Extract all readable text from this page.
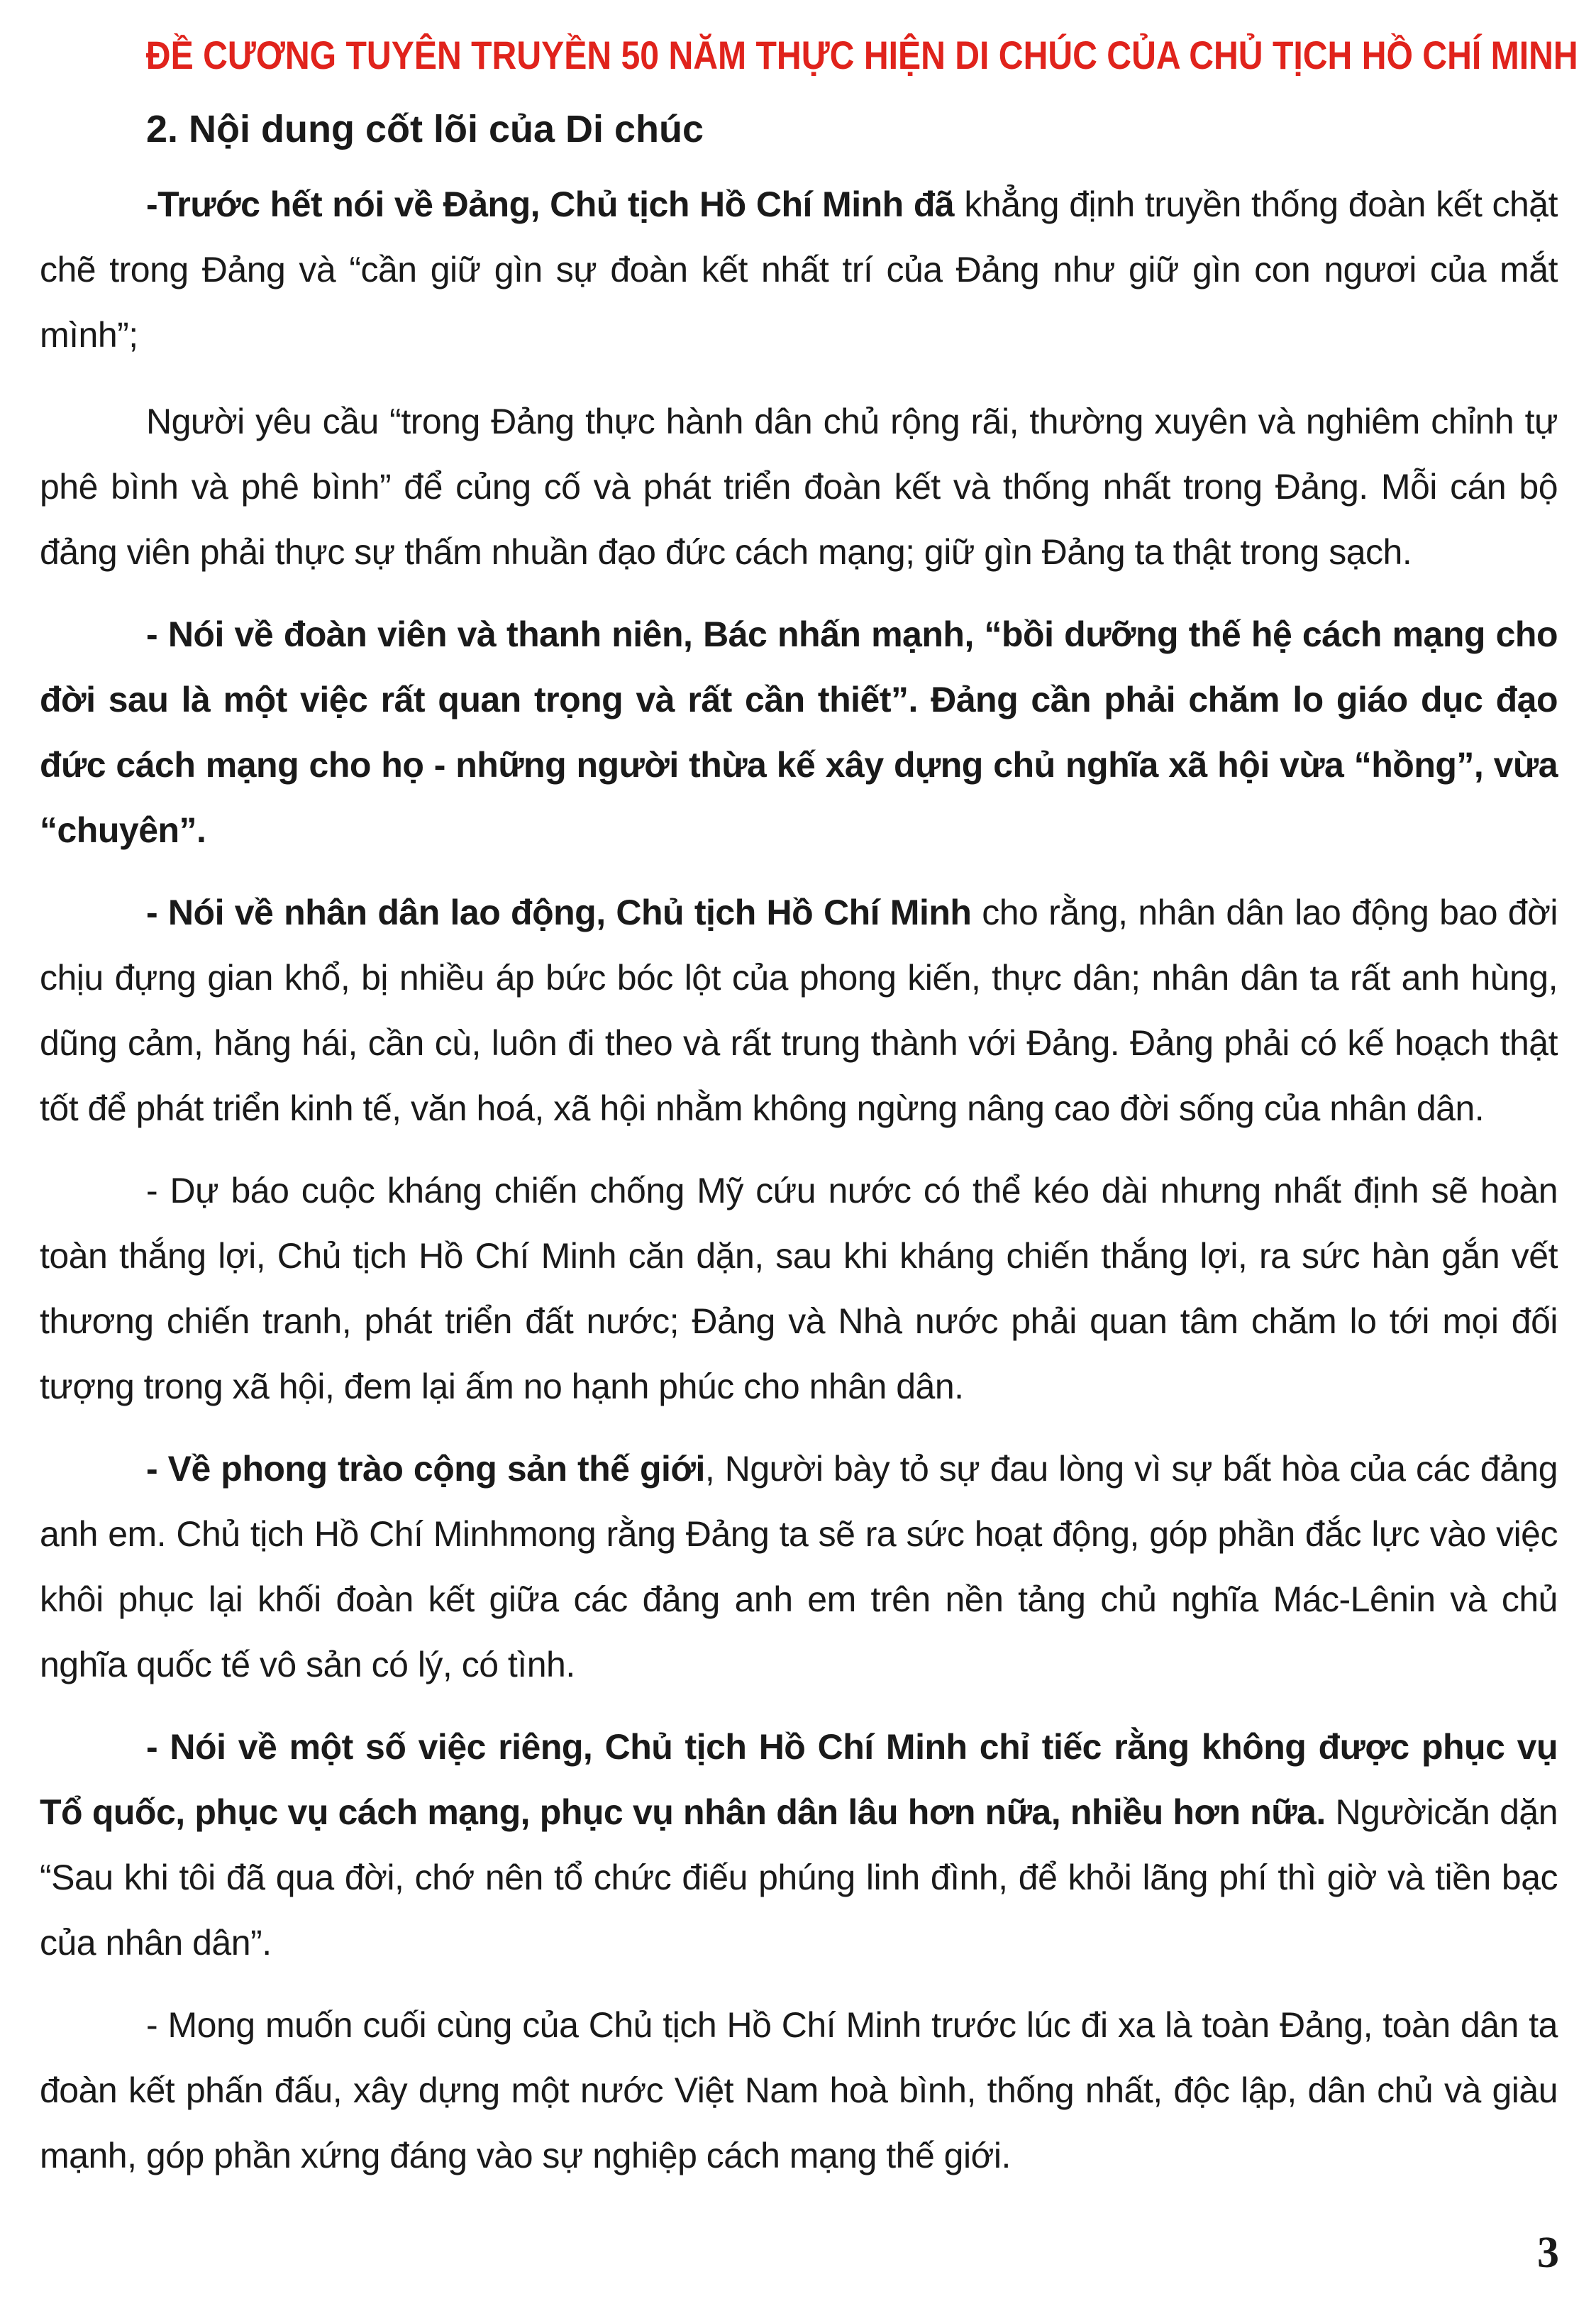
ĐỀ CƯƠNG TUYÊN TRUYỀN 50 NĂM THỰC HIỆN DI CHÚC CỦA CHỦ TỊCH HỒ CHÍ MINH
2. Nội dung cốt lõi của Di chúc

-Trước hết nói về Đảng, Chủ tịch Hồ Chí Minh đã khẳng định truyền thống đoàn kết chặt chẽ trong Đảng và “cần giữ gìn sự đoàn kết nhất trí của Đảng như giữ gìn con ngươi của mắt mình”;

Người yêu cầu “trong Đảng thực hành dân chủ rộng rãi, thường xuyên và nghiêm chỉnh tự phê bình và phê bình” để củng cố và phát triển đoàn kết và thống nhất trong Đảng. Mỗi cán bộ đảng viên phải thực sự thấm nhuần đạo đức cách mạng; giữ gìn Đảng ta thật trong sạch.

- Nói về đoàn viên và thanh niên, Bác nhấn mạnh, “bồi dưỡng thế hệ cách mạng cho đời sau là một việc rất quan trọng và rất cần thiết”. Đảng cần phải chăm lo giáo dục đạo đức cách mạng cho họ - những người thừa kế xây dựng chủ nghĩa xã hội vừa “hồng”, vừa “chuyên”.

- Nói về nhân dân lao động, Chủ tịch Hồ Chí Minh cho rằng, nhân dân lao động bao đời chịu đựng gian khổ, bị nhiều áp bức bóc lột của phong kiến, thực dân; nhân dân ta rất anh hùng, dũng cảm, hăng hái, cần cù, luôn đi theo và rất trung thành với Đảng. Đảng phải có kế hoạch thật tốt để phát triển kinh tế, văn hoá, xã hội nhằm không ngừng nâng cao đời sống của nhân dân.

- Dự báo cuộc kháng chiến chống Mỹ cứu nước có thể kéo dài nhưng nhất định sẽ hoàn toàn thắng lợi, Chủ tịch Hồ Chí Minh căn dặn, sau khi kháng chiến thắng lợi, ra sức hàn gắn vết thương chiến tranh, phát triển đất nước; Đảng và Nhà nước phải quan tâm chăm lo tới mọi đối tượng trong xã hội, đem lại ấm no hạnh phúc cho nhân dân.

- Về phong trào cộng sản thế giới, Người bày tỏ sự đau lòng vì sự bất hòa của các đảng anh em. Chủ tịch Hồ Chí Minhmong rằng Đảng ta sẽ ra sức hoạt động, góp phần đắc lực vào việc khôi phục lại khối đoàn kết giữa các đảng anh em trên nền tảng chủ nghĩa Mác-Lênin và chủ nghĩa quốc tế vô sản có lý, có tình.

- Nói về một số việc riêng, Chủ tịch Hồ Chí Minh chỉ tiếc rằng không được phục vụ Tổ quốc, phục vụ cách mạng, phục vụ nhân dân lâu hơn nữa, nhiều hơn nữa. Ngườicăn dặn “Sau khi tôi đã qua đời, chớ nên tổ chức điếu phúng linh đình, để khỏi lãng phí thì giờ và tiền bạc của nhân dân”.

- Mong muốn cuối cùng của Chủ tịch Hồ Chí Minh trước lúc đi xa là toàn Đảng, toàn dân ta đoàn kết phấn đấu, xây dựng một nước Việt Nam hoà bình, thống nhất, độc lập, dân chủ và giàu mạnh, góp phần xứng đáng vào sự nghiệp cách mạng thế giới.

3
